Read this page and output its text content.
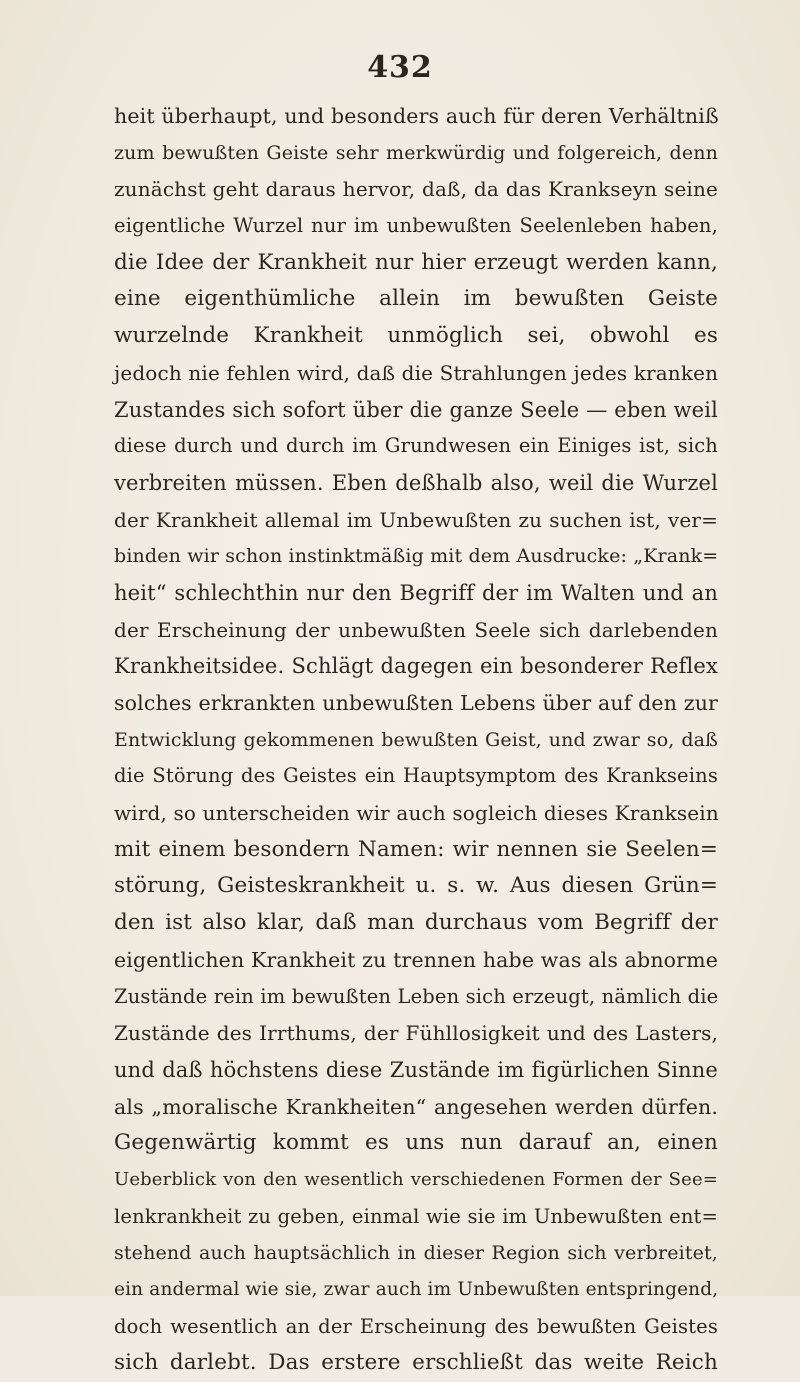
432
heit überhaupt, und besonders auch für deren Verhältniß
zum bewußten Geiste sehr merkwürdig und folgereich, denn
zunächst geht daraus hervor, daß, da das Krankseyn seine
eigentliche Wurzel nur im unbewußten Seelenleben haben,
die Idee der Krankheit nur hier erzeugt werden kann,
eine eigenthümliche allein im bewußten Geiste
wurzelnde Krankheit unmöglich sei, obwohl es
jedoch nie fehlen wird, daß die Strahlungen jedes kranken
Zustandes sich sofort über die ganze Seele — eben weil
diese durch und durch im Grundwesen ein Einiges ist, sich
verbreiten müssen. Eben deßhalb also, weil die Wurzel
der Krankheit allemal im Unbewußten zu suchen ist, ver=
binden wir schon instinktmäßig mit dem Ausdrucke: „Krank=
heit“ schlechthin nur den Begriff der im Walten und an
der Erscheinung der unbewußten Seele sich darlebenden
Krankheitsidee. Schlägt dagegen ein besonderer Reflex
solches erkrankten unbewußten Lebens über auf den zur
Entwicklung gekommenen bewußten Geist, und zwar so, daß
die Störung des Geistes ein Hauptsymptom des Krankseins
wird, so unterscheiden wir auch sogleich dieses Kranksein
mit einem besondern Namen: wir nennen sie Seelen=
störung, Geisteskrankheit u. s. w. Aus diesen Grün=
den ist also klar, daß man durchaus vom Begriff der
eigentlichen Krankheit zu trennen habe was als abnorme
Zustände rein im bewußten Leben sich erzeugt, nämlich die
Zustände des Irrthums, der Fühllosigkeit und des Lasters,
und daß höchstens diese Zustände im figürlichen Sinne
als „moralische Krankheiten“ angesehen werden dürfen.
Gegenwärtig kommt es uns nun darauf an, einen
Ueberblick von den wesentlich verschiedenen Formen der See=
lenkrankheit zu geben, einmal wie sie im Unbewußten ent=
stehend auch hauptsächlich in dieser Region sich verbreitet,
ein andermal wie sie, zwar auch im Unbewußten entspringend,
doch wesentlich an der Erscheinung des bewußten Geistes
sich darlebt. Das erstere erschließt das weite Reich
